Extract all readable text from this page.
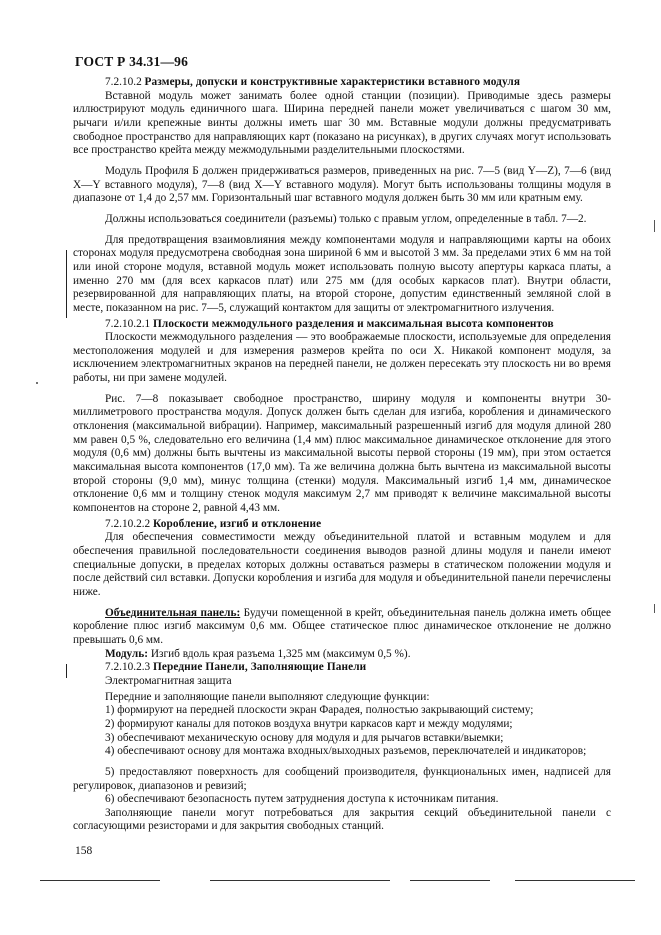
ГОСТ Р 34.31—96

7.2.10.2 Размеры, допуски и конструктивные характеристики вставного модуля

Вставной модуль может занимать более одной станции (позиции). Приводимые здесь размеры иллюстрируют модуль единичного шага. Ширина передней панели может увеличиваться с шагом 30 мм, рычаги и/или крепежные винты должны иметь шаг 30 мм. Вставные модули должны предусматривать свободное пространство для направляющих карт (показано на рисунках), в других случаях могут использовать все пространство крейта между межмодульными разделительными плоскостями.

Модуль Профиля Б должен придерживаться размеров, приведенных на рис. 7—5 (вид Y—Z), 7—6 (вид X—Y вставного модуля), 7—8 (вид X—Y вставного модуля). Могут быть использованы толщины модуля в диапазоне от 1,4 до 2,57 мм. Горизонтальный шаг вставного модуля должен быть 30 мм или кратным ему.

Должны использоваться соединители (разъемы) только с правым углом, определенные в табл. 7—2.

Для предотвращения взаимовлияния между компонентами модуля и направляющими карты на обоих сторонах модуля предусмотрена свободная зона шириной 6 мм и высотой 3 мм. За пределами этих 6 мм на той или иной стороне модуля, вставной модуль может использовать полную высоту апертуры каркаса платы, а именно 270 мм (для всех каркасов плат) или 275 мм (для особых каркасов плат). Внутри области, резервированной для направляющих платы, на второй стороне, допустим единственный земляной слой в месте, показанном на рис. 7—5, служащий контактом для защиты от электромагнитного излучения.

7.2.10.2.1 Плоскости межмодульного разделения и максимальная высота компонентов

Плоскости межмодульного разделения — это воображаемые плоскости, используемые для определения местоположения модулей и для измерения размеров крейта по оси X. Никакой компонент модуля, за исключением электромагнитных экранов на передней панели, не должен пересекать эту плоскость ни во время работы, ни при замене модулей.

Рис. 7—8 показывает свободное пространство, ширину модуля и компоненты внутри 30-миллиметрового пространства модуля. Допуск должен быть сделан для изгиба, коробления и динамического отклонения (максимальной вибрации). Например, максимальный разрешенный изгиб для модуля длиной 280 мм равен 0,5 %, следовательно его величина (1,4 мм) плюс максимальное динамическое отклонение для этого модуля (0,6 мм) должны быть вычтены из максимальной высоты первой стороны (19 мм), при этом остается максимальная высота компонентов (17,0 мм). Та же величина должна быть вычтена из максимальной высоты второй стороны (9,0 мм), минус толщина (стенки) модуля. Максимальный изгиб 1,4 мм, динамическое отклонение 0,6 мм и толщину стенок модуля максимум 2,7 мм приводят к величине максимальной высоты компонентов на стороне 2, равной 4,43 мм.

7.2.10.2.2 Коробление, изгиб и отклонение

Для обеспечения совместимости между объединительной платой и вставным модулем и для обеспечения правильной последовательности соединения выводов разной длины модуля и панели имеют специальные допуски, в пределах которых должны оставаться размеры в статическом положении модуля и после действий сил вставки. Допуски коробления и изгиба для модуля и объединительной панели перечислены ниже.

Объединительная панель: Будучи помещенной в крейт, объединительная панель должна иметь общее коробление плюс изгиб максимум 0,6 мм. Общее статическое плюс динамическое отклонение не должно превышать 0,6 мм.

Модуль: Изгиб вдоль края разъема 1,325 мм (максимум 0,5 %).

7.2.10.2.3 Передние Панели, Заполняющие Панели

Электромагнитная защита

Передние и заполняющие панели выполняют следующие функции:

1) формируют на передней плоскости экран Фарадея, полностью закрывающий систему;

2) формируют каналы для потоков воздуха внутри каркасов карт и между модулями;

3) обеспечивают механическую основу для модуля и для рычагов вставки/выемки;

4) обеспечивают основу для монтажа входных/выходных разъемов, переключателей и индикаторов;

5) предоставляют поверхность для сообщений производителя, функциональных имен, надписей для регулировок, диапазонов и ревизий;

6) обеспечивают безопасность путем затруднения доступа к источникам питания.

Заполняющие панели могут потребоваться для закрытия секций объединительной панели с согласующими резисторами и для закрытия свободных станций.

158
